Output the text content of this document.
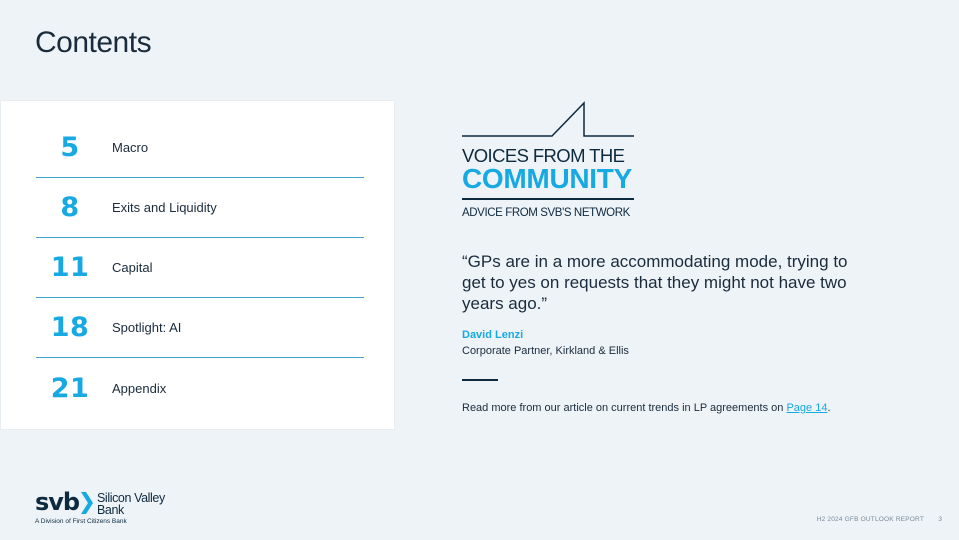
Contents
5	Macro
8	Exits and Liquidity
11	Capital
18	Spotlight: AI
21	Appendix
VOICES FROM THE
COMMUNITY
ADVICE FROM SVB'S NETWORK

“GPs are in a more accommodating mode, trying to get to yes on requests that they might not have two years ago.”

David Lenzi
Corporate Partner, Kirkland & Ellis
Read more from our article on current trends in LP agreements on Page 14.
svb Silicon Valley
Bank
A Division of First Citizens Bank	H2 2024 GFB OUTLOOK REPORT 3
